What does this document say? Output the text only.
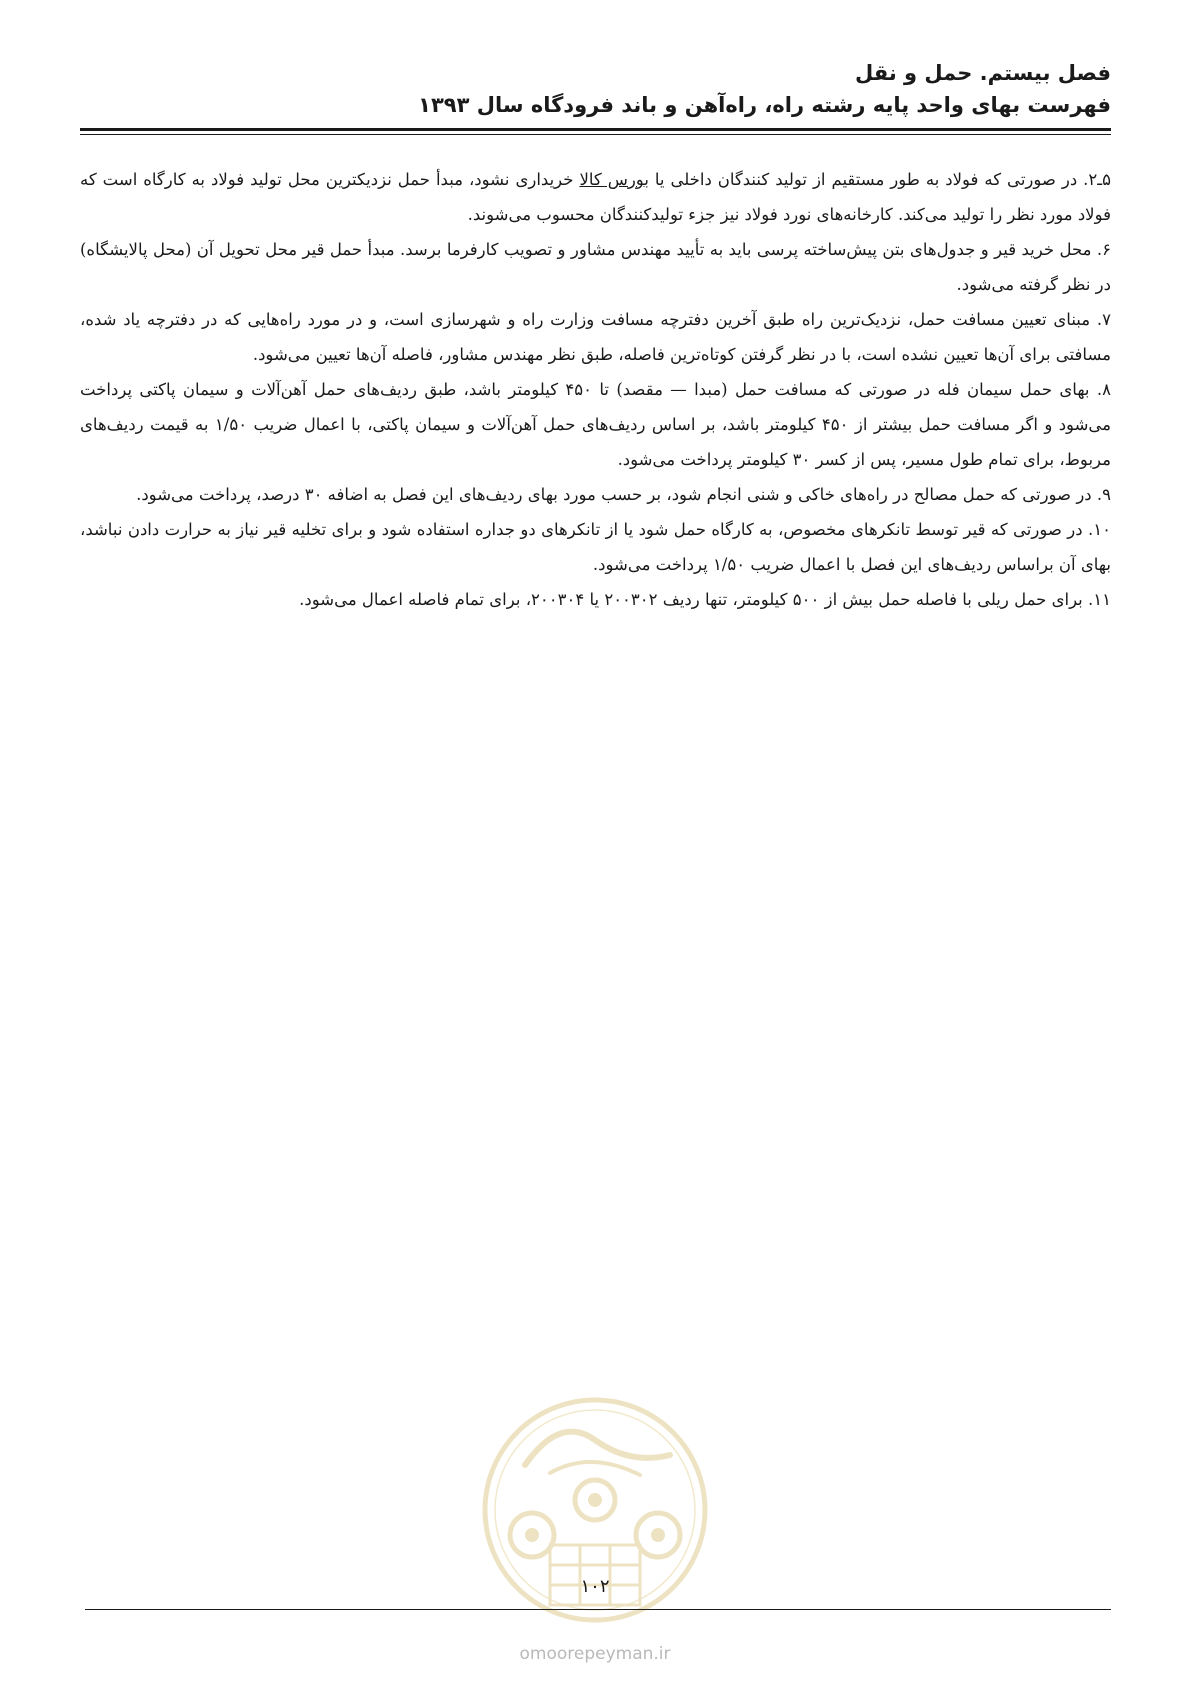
فصل بیستم. حمل و نقل
فهرست بهای واحد پایه رشته راه، راه‌آهن و باند فرودگاه سال ۱۳۹۳

۵ـ۲. در صورتی که فولاد به طور مستقیم از تولید کنندگان داخلی یا بورس کالا خریداری نشود، مبدأ حمل نزدیکترین محل تولید فولاد به کارگاه است که فولاد مورد نظر را تولید می‌کند. کارخانه‌های نورد فولاد نیز جزء تولیدکنندگان محسوب می‌شوند.

۶. محل خرید قیر و جدول‌های بتن پیش‌ساخته پرسی باید به تأیید مهندس مشاور و تصویب کارفرما برسد. مبدأ حمل قیر محل تحویل آن (محل پالایشگاه) در نظر گرفته می‌شود.

۷. مبنای تعیین مسافت حمل، نزدیک‌ترین راه طبق آخرین دفترچه مسافت وزارت راه و شهرسازی است، و در مورد راه‌هایی که در دفترچه یاد شده، مسافتی برای آن‌ها تعیین نشده است، با در نظر گرفتن کوتاه‌ترین فاصله، طبق نظر مهندس مشاور، فاصله آن‌ها تعیین می‌شود.

۸. بهای حمل سیمان فله در صورتی که مسافت حمل (مبدا — مقصد) تا ۴۵۰ کیلومتر باشد، طبق ردیف‌های حمل آهن‌آلات و سیمان پاکتی پرداخت می‌شود و اگر مسافت حمل بیشتر از ۴۵۰ کیلومتر باشد، بر اساس ردیف‌های حمل آهن‌آلات و سیمان پاکتی، با اعمال ضریب ۱/۵۰ به قیمت ردیف‌های مربوط، برای تمام طول مسیر، پس از کسر ۳۰ کیلومتر پرداخت می‌شود.

۹. در صورتی که حمل مصالح در راه‌های خاکی و شنی انجام شود، بر حسب مورد بهای ردیف‌های این فصل به اضافه ۳۰ درصد، پرداخت می‌شود.

۱۰. در صورتی که قیر توسط تانکرهای مخصوص، به کارگاه حمل شود یا از تانکرهای دو جداره استفاده شود و برای تخلیه قیر نیاز به حرارت دادن نباشد، بهای آن براساس ردیف‌های این فصل با اعمال ضریب ۱/۵۰ پرداخت می‌شود.

۱۱. برای حمل ریلی با فاصله حمل بیش از ۵۰۰ کیلومتر، تنها ردیف ۲۰۰۳۰۲ یا ۲۰۰۳۰۴، برای تمام فاصله اعمال می‌شود.

۱۰۲
omoorepeyman.ir
